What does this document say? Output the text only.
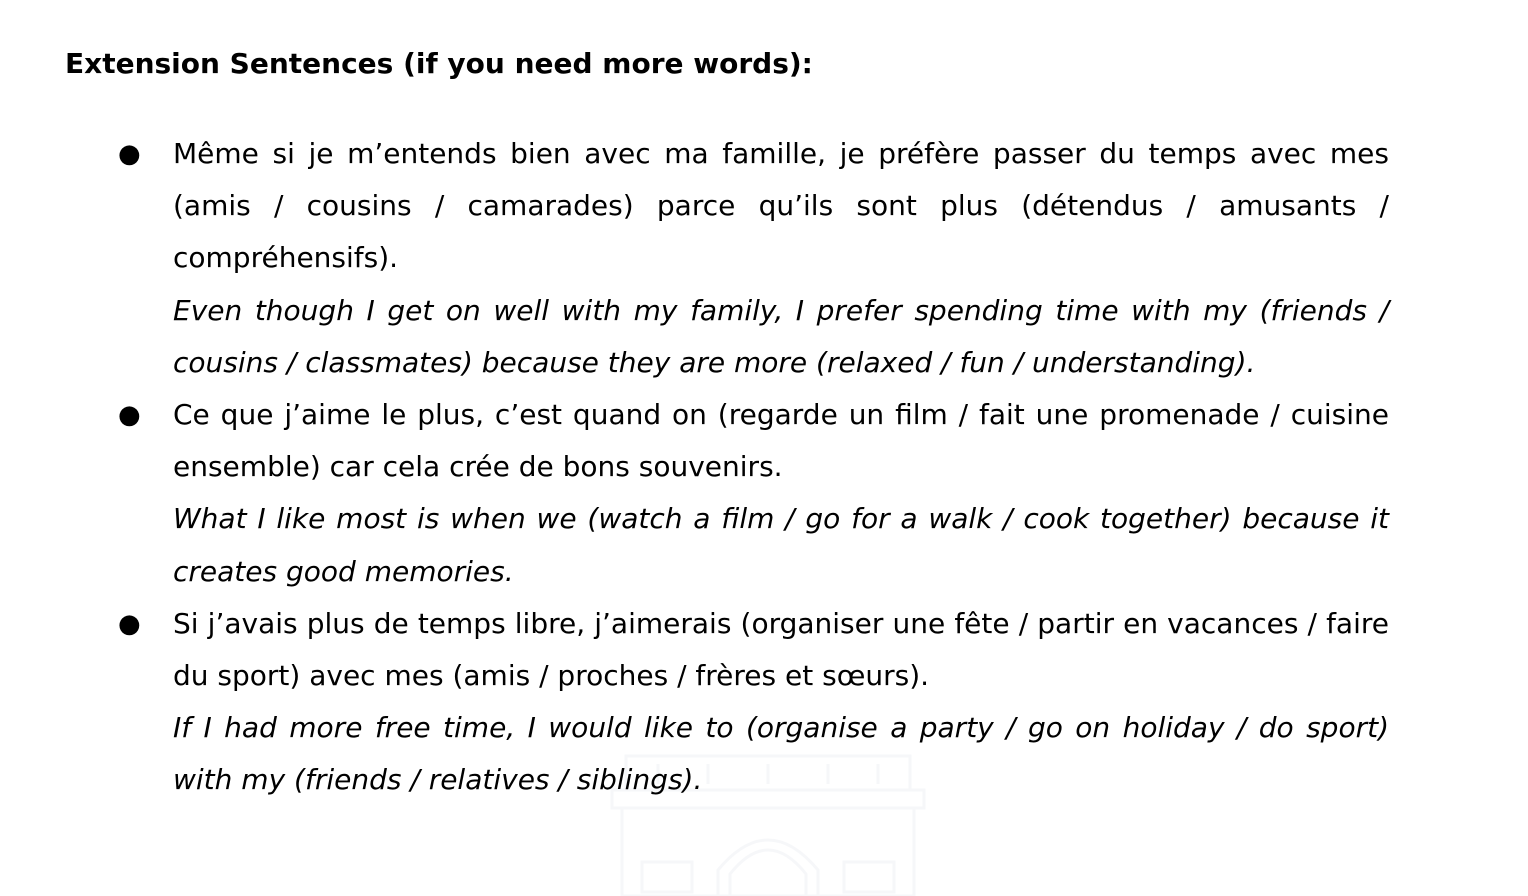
Extension Sentences (if you need more words):
● Même si je m’entends bien avec ma famille, je préfère passer du temps avec mes (amis / cousins / camarades) parce qu’ils sont plus (détendus / amusants / compréhensifs).

Even though I get on well with my family, I prefer spending time with my (friends / cousins / classmates) because they are more (relaxed / fun / understanding).

● Ce que j’aime le plus, c’est quand on (regarde un film / fait une promenade / cuisine ensemble) car cela crée de bons souvenirs.

What I like most is when we (watch a film / go for a walk / cook together) because it creates good memories.

● Si j’avais plus de temps libre, j’aimerais (organiser une fête / partir en vacances / faire du sport) avec mes (amis / proches / frères et sœurs).

If I had more free time, I would like to (organise a party / go on holiday / do sport) with my (friends / relatives / siblings).
